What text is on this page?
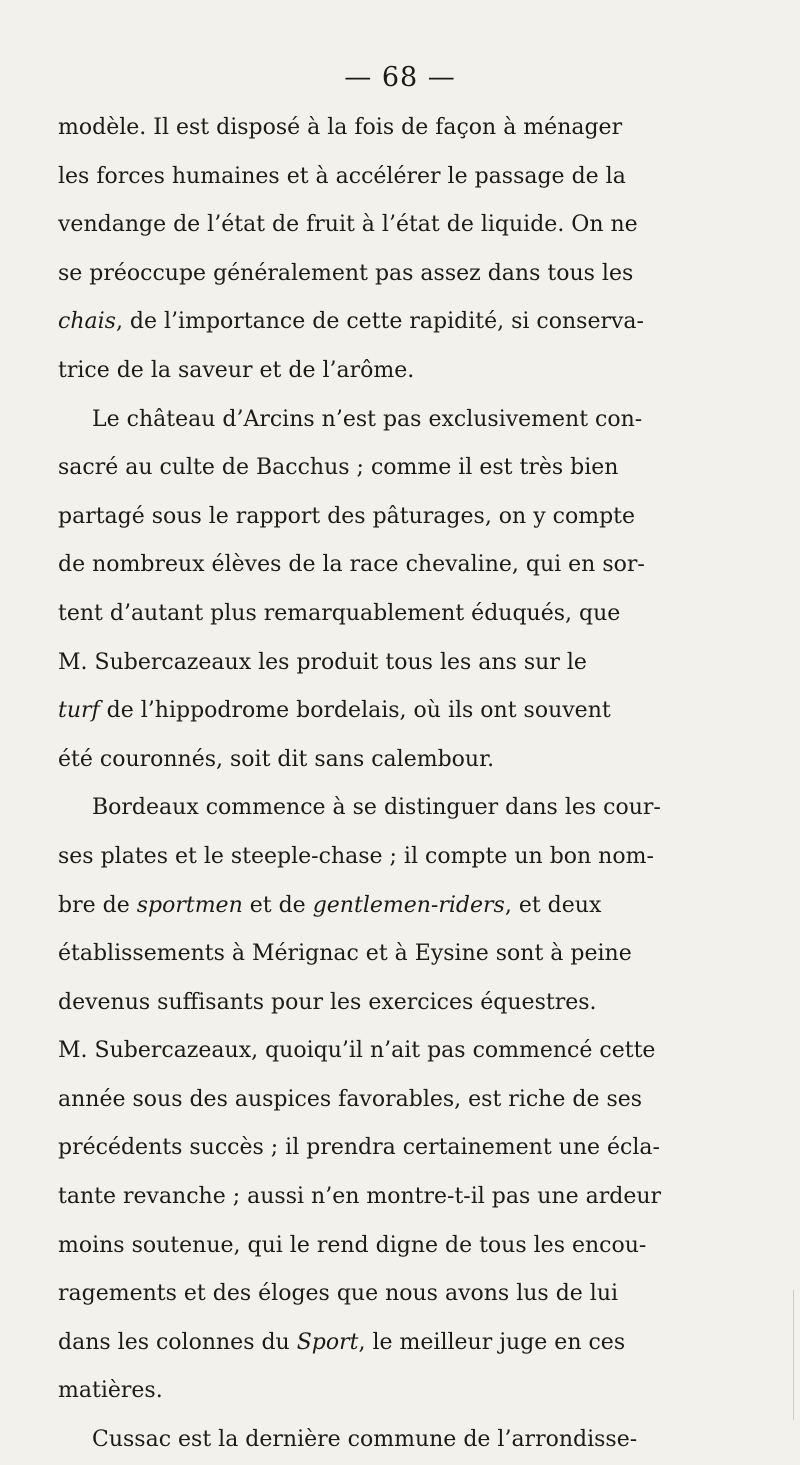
— 68 —
modèle. Il est disposé à la fois de façon à ménager
les forces humaines et à accélérer le passage de la
vendange de l’état de fruit à l’état de liquide. On ne
se préoccupe généralement pas assez dans tous les
chais, de l’importance de cette rapidité, si conserva-
trice de la saveur et de l’arôme.
Le château d’Arcins n’est pas exclusivement con-
sacré au culte de Bacchus ; comme il est très bien
partagé sous le rapport des pâturages, on y compte
de nombreux élèves de la race chevaline, qui en sor-
tent d’autant plus remarquablement éduqués, que
M. Subercazeaux les produit tous les ans sur le
turf de l’hippodrome bordelais, où ils ont souvent
été couronnés, soit dit sans calembour.
Bordeaux commence à se distinguer dans les cour-
ses plates et le steeple-chase ; il compte un bon nom-
bre de sportmen et de gentlemen-riders, et deux
établissements à Mérignac et à Eysine sont à peine
devenus suffisants pour les exercices équestres.
M. Subercazeaux, quoiqu’il n’ait pas commencé cette
année sous des auspices favorables, est riche de ses
précédents succès ; il prendra certainement une écla-
tante revanche ; aussi n’en montre-t-il pas une ardeur
moins soutenue, qui le rend digne de tous les encou-
ragements et des éloges que nous avons lus de lui
dans les colonnes du Sport, le meilleur juge en ces
matières.
Cussac est la dernière commune de l’arrondisse-
